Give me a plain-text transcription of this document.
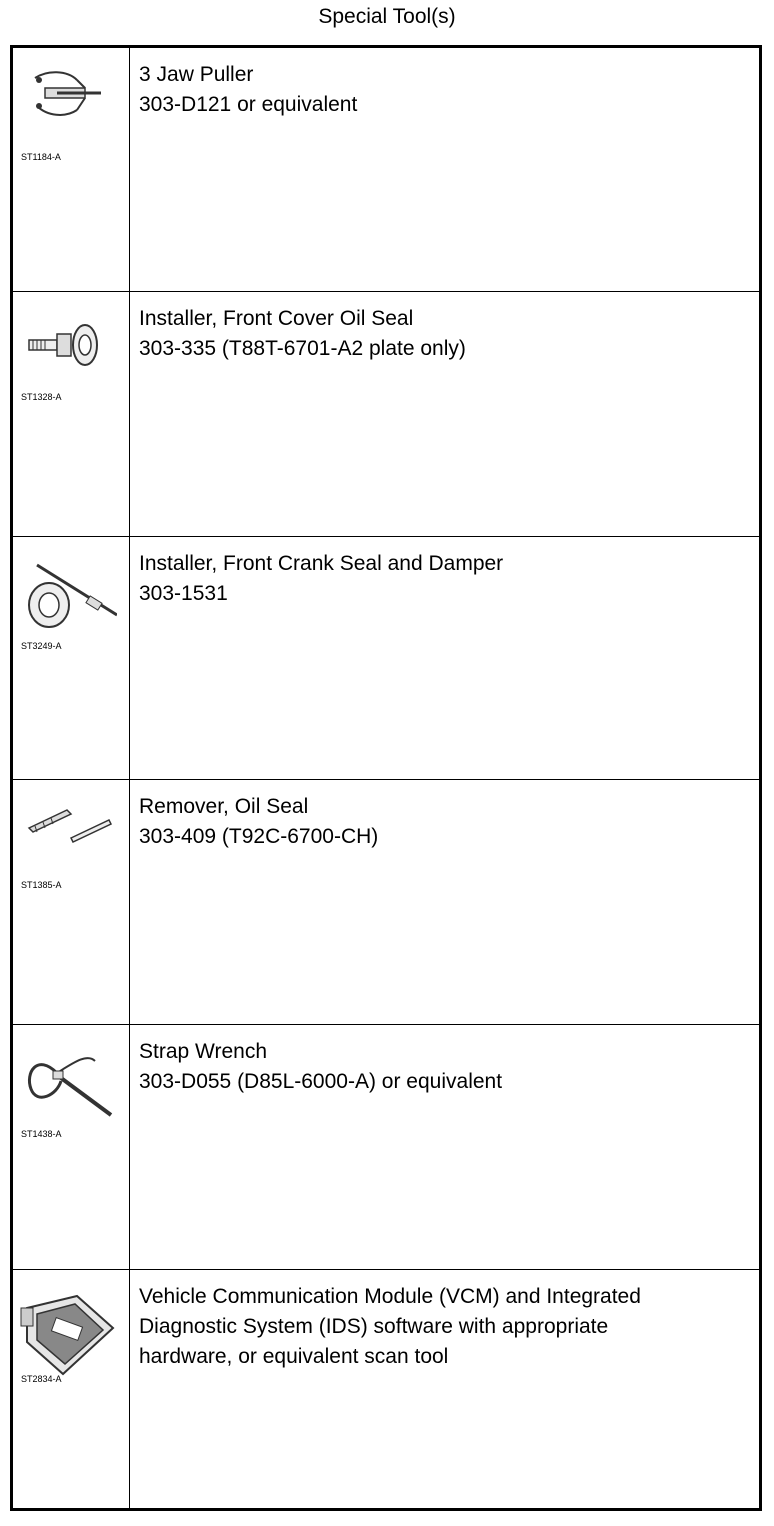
Special Tool(s)
ST1184-A
3 Jaw Puller
303-D121 or equivalent
ST1328-A
Installer, Front Cover Oil Seal
303-335 (T88T-6701-A2 plate only)
ST3249-A
Installer, Front Crank Seal and Damper
303-1531
ST1385-A
Remover, Oil Seal
303-409 (T92C-6700-CH)
ST1438-A
Strap Wrench
303-D055 (D85L-6000-A) or equivalent
ST2834-A
Vehicle Communication Module (VCM) and Integrated
Diagnostic System (IDS) software with appropriate
hardware, or equivalent scan tool
